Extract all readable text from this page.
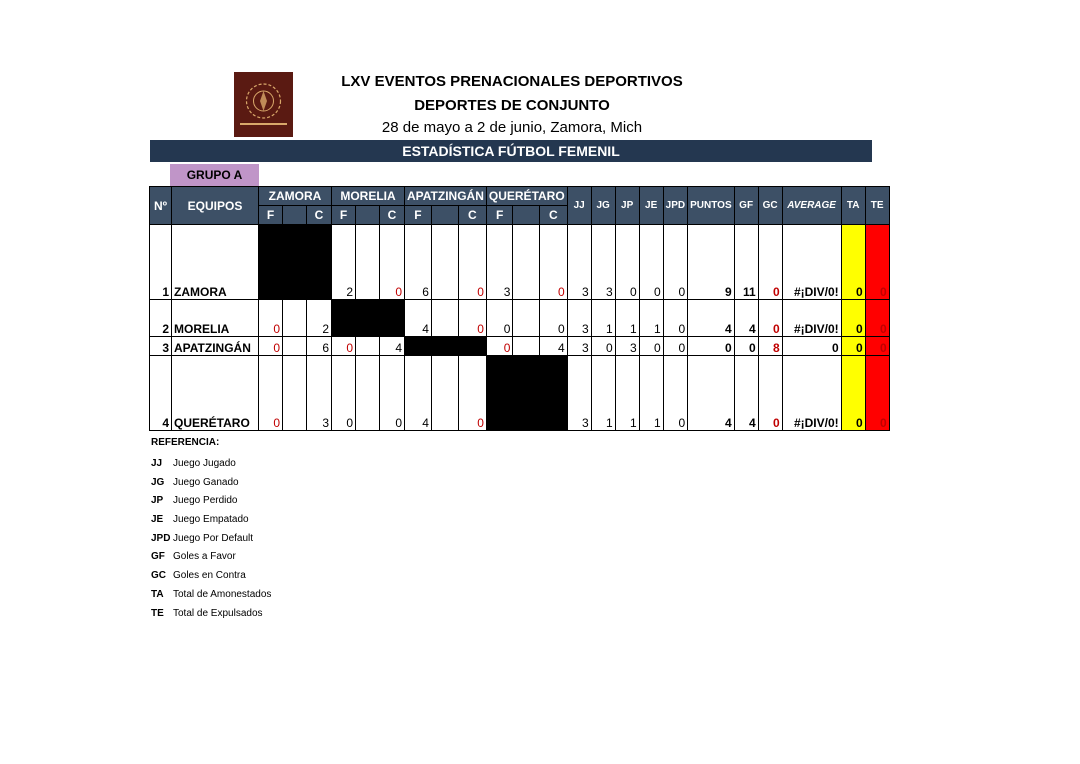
LXV EVENTOS PRENACIONALES DEPORTIVOS
DEPORTES DE CONJUNTO
28 de mayo a 2 de junio, Zamora, Mich
ESTADÍSTICA FÚTBOL FEMENIL
GRUPO A
Nº	EQUIPOS	ZAMORA			MORELIA			APATZINGÁN			QUERÉTARO			JJ	JG	JP	JE	JPD	PUNTOS	GF	GC	AVERAGE	TA	TE
		F		C	F		C	F		C	F		C											
1	ZAMORA				2		0	6		0	3		0	3	3	0	0	0	9	11	0	#¡DIV/0!	0	0
2	MORELIA	0		2				4		0	0		0	3	1	1	1	0	4	4	0	#¡DIV/0!	0	0
3	APATZINGÁN	0		6	0		4				0		4	3	0	3	0	0	0	0	8	0	0	0
4	QUERÉTARO	0		3	0		0	4		0				3	1	1	1	0	4	4	0	#¡DIV/0!	0	0
REFERENCIA:
JJ	Juego Jugado
JG Juego Ganado
JP Juego Perdido
JE Juego Empatado
JPD Juego Por Default
GF Goles a Favor
GC Goles en Contra
TA Total de Amonestados
TE Total de Expulsados
